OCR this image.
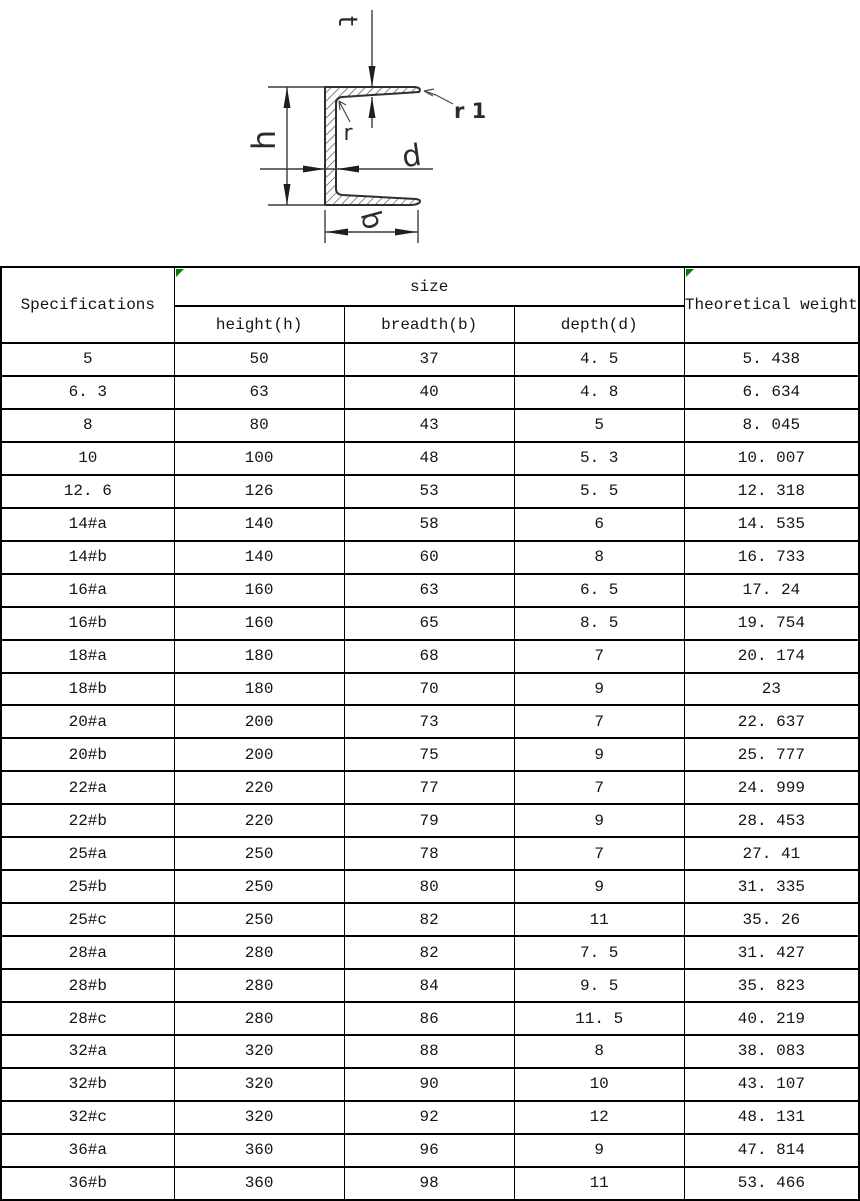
t
h	r
r 1
d
b
Specifications	size			Theoretical weight
	height(h)	breadth(b)	depth(d)	
5	50	37	4. 5	5. 438
6. 3	63	40	4. 8	6. 634
8	80	43	5	8. 045
10	100	48	5. 3	10. 007
12. 6	126	53	5. 5	12. 318
14#a	140	58	6	14. 535
14#b	140	60	8	16. 733
16#a	160	63	6. 5	17. 24
16#b	160	65	8. 5	19. 754
18#a	180	68	7	20. 174
18#b	180	70	9	23
20#a	200	73	7	22. 637
20#b	200	75	9	25. 777
22#a	220	77	7	24. 999
22#b	220	79	9	28. 453
25#a	250	78	7	27. 41
25#b	250	80	9	31. 335
25#c	250	82	11	35. 26
28#a	280	82	7. 5	31. 427
28#b	280	84	9. 5	35. 823
28#c	280	86	11. 5	40. 219
32#a	320	88	8	38. 083
32#b	320	90	10	43. 107
32#c	320	92	12	48. 131
36#a	360	96	9	47. 814
36#b	360	98	11	53. 466
